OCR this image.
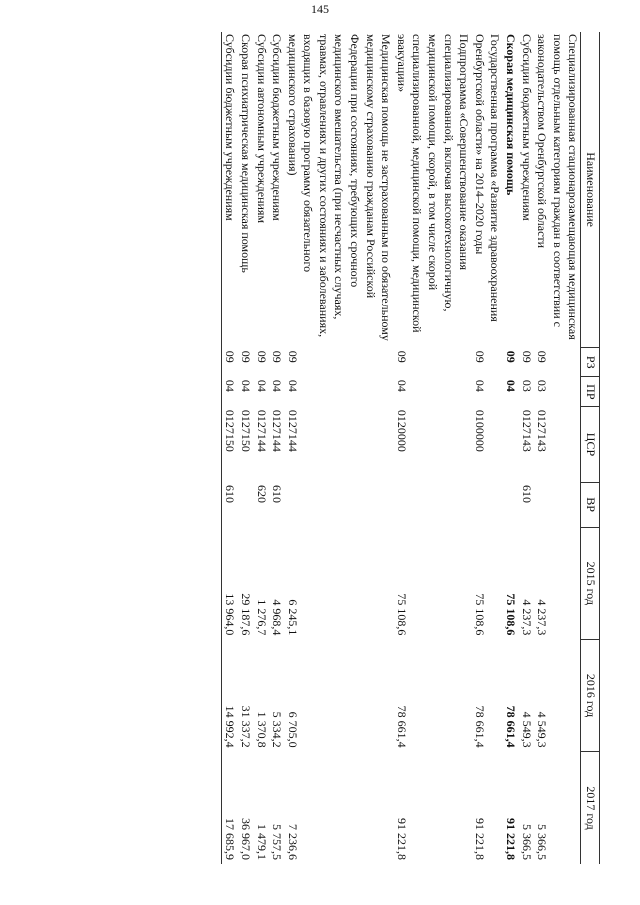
145
Наименование	РЗ	ПР	ЦСР	ВР	2015 год	2016 год	2017 год
Специализированная стационарозамещающая медицинская помощь отдельным категориям граждан в соответствии с законодательством Оренбургской области	09	03	0127143		4 237,3	4 549,3	5 366,5
Субсидии бюджетным учреждениям	09	03	0127143	610	4 237,3	4 549,3	5 366,5
Скорая медицинская помощь	09	04			75 108,6	78 661,4	91 221,8
Государственная программа «Развитие здравоохранения Оренбургской области» на 2014–2020 годы	09	04	0100000		75 108,6	78 661,4	91 221,8
Подпрограмма «Совершенствование оказания специализированной, включая высокотехнологичную, медицинской помощи, скорой, в том числе скорой специализированной, медицинской помощи, медицинской эвакуации»	09	04	0120000		75 108,6	78 661,4	91 221,8
Медицинская помощь не застрахованным по обязательному медицинскому страхованию гражданам Российской Федерации при состояниях, требующих срочного медицинского вмешательства (при несчастных случаях, травмах, отравлениях и других состояниях и заболеваниях, входящих в базовую программу обязательного медицинского страхования)	09	04	0127144		6 245,1	6 705,0	7 236,6
Субсидии бюджетным учреждениям	09	04	0127144	610	4 968,4	5 334,2	5 757,5
Субсидии автономным учреждениям	09	04	0127144	620	1 276,7	1 370,8	1 479,1
Скорая психиатрическая медицинская помощь	09	04	0127150		29 187,6	31 337,2	36 967,0
Субсидии бюджетным учреждениям	09	04	0127150	610	13 964,0	14 992,4	17 685,9
